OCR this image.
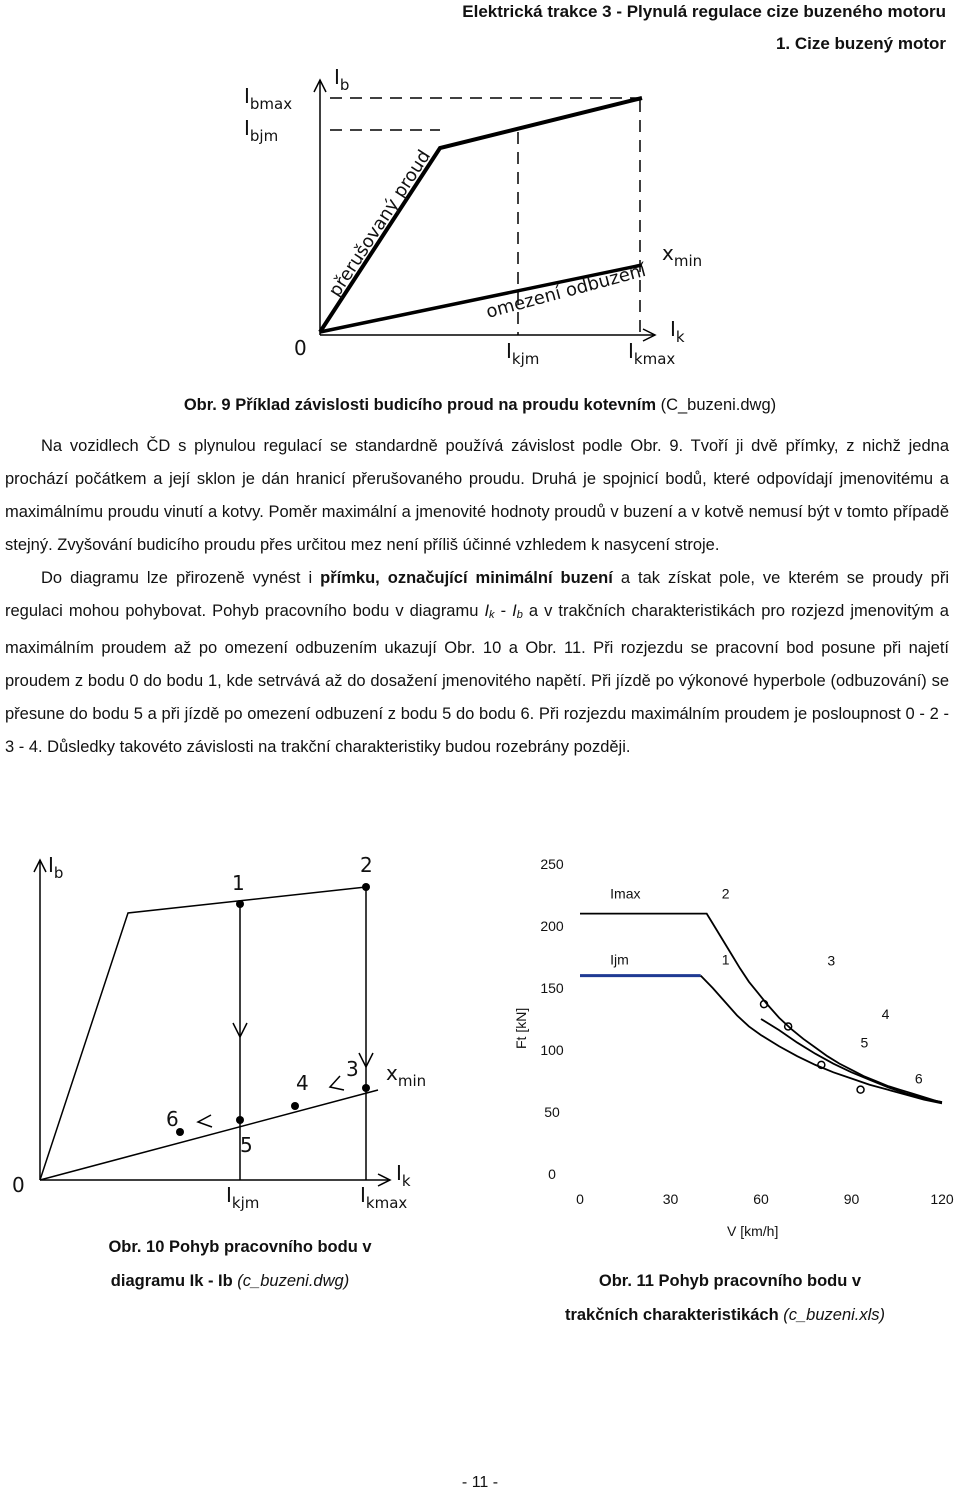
Elektrická trakce 3 - Plynulá regulace cize buzeného motoru
1. Cize buzený motor
$I_{bmax}$
$I_{bjm}$
$I_b$
0
přerušovaný proud	omezení odbuzení
$x_{min}$
$I_k$
$I_{kjm}$	$I_{kmax}$
Obr. 9 Příklad závislosti budicího proud na proudu kotevním (C_buzeni.dwg)

Na vozidlech ČD s plynulou regulací se standardně používá závislost podle Obr. 9. Tvoří ji dvě přímky, z nichž jedna prochází počátkem a její sklon je dán hranicí přerušovaného proudu. Druhá je spojnicí bodů, které odpovídají jmenovitému a maximálnímu proudu vinutí a kotvy. Poměr maximální a jmenovité hodnoty proudů v buzení a v kotvě nemusí být v tomto případě stejný. Zvyšování budicího proudu přes určitou mez není příliš účinné vzhledem k nasycení stroje.

Do diagramu lze přirozeně vynést i přímku, označující minimální buzení a tak získat pole, ve kterém se proudy při regulaci mohou pohybovat. Pohyb pracovního bodu v diagramu Ik - Ib a v trakčních charakteristikách pro rozjezd jmenovitým a maximálním proudem až po omezení odbuzením ukazují Obr. 10 a Obr. 11. Při rozjezdu se pracovní bod posune při najetí proudem z bodu 0 do bodu 1, kde setrvává až do dosažení jmenovitého napětí. Při jízdě po výkonové hyperbole (odbuzování) se přesune do bodu 5 a při jízdě po omezení odbuzení z bodu 5 do bodu 6. Při rozjezdu maximálním proudem je posloupnost 0 - 2 - 3 - 4. Důsledky takovéto závislosti na trakční charakteristiky budou rozebrány později.

$I_b$	1
2
3
4
5
6
0
$x_{min}$
$I_k$
$I_{kjm}$	$I_{kmax}$
Obr. 10 Pohyb pracovního bodu v
diagramu Ik - Ib (c_buzeni.dwg)
0
50
100
150
200
250
0	30	60	90	120
Imax	2
Ijm	1	3
4
5
6
Ft [kN]
V [km/h]
Obr. 11 Pohyb pracovního bodu v
trakčních charakteristikách (c_buzeni.xls)
- 11 -
